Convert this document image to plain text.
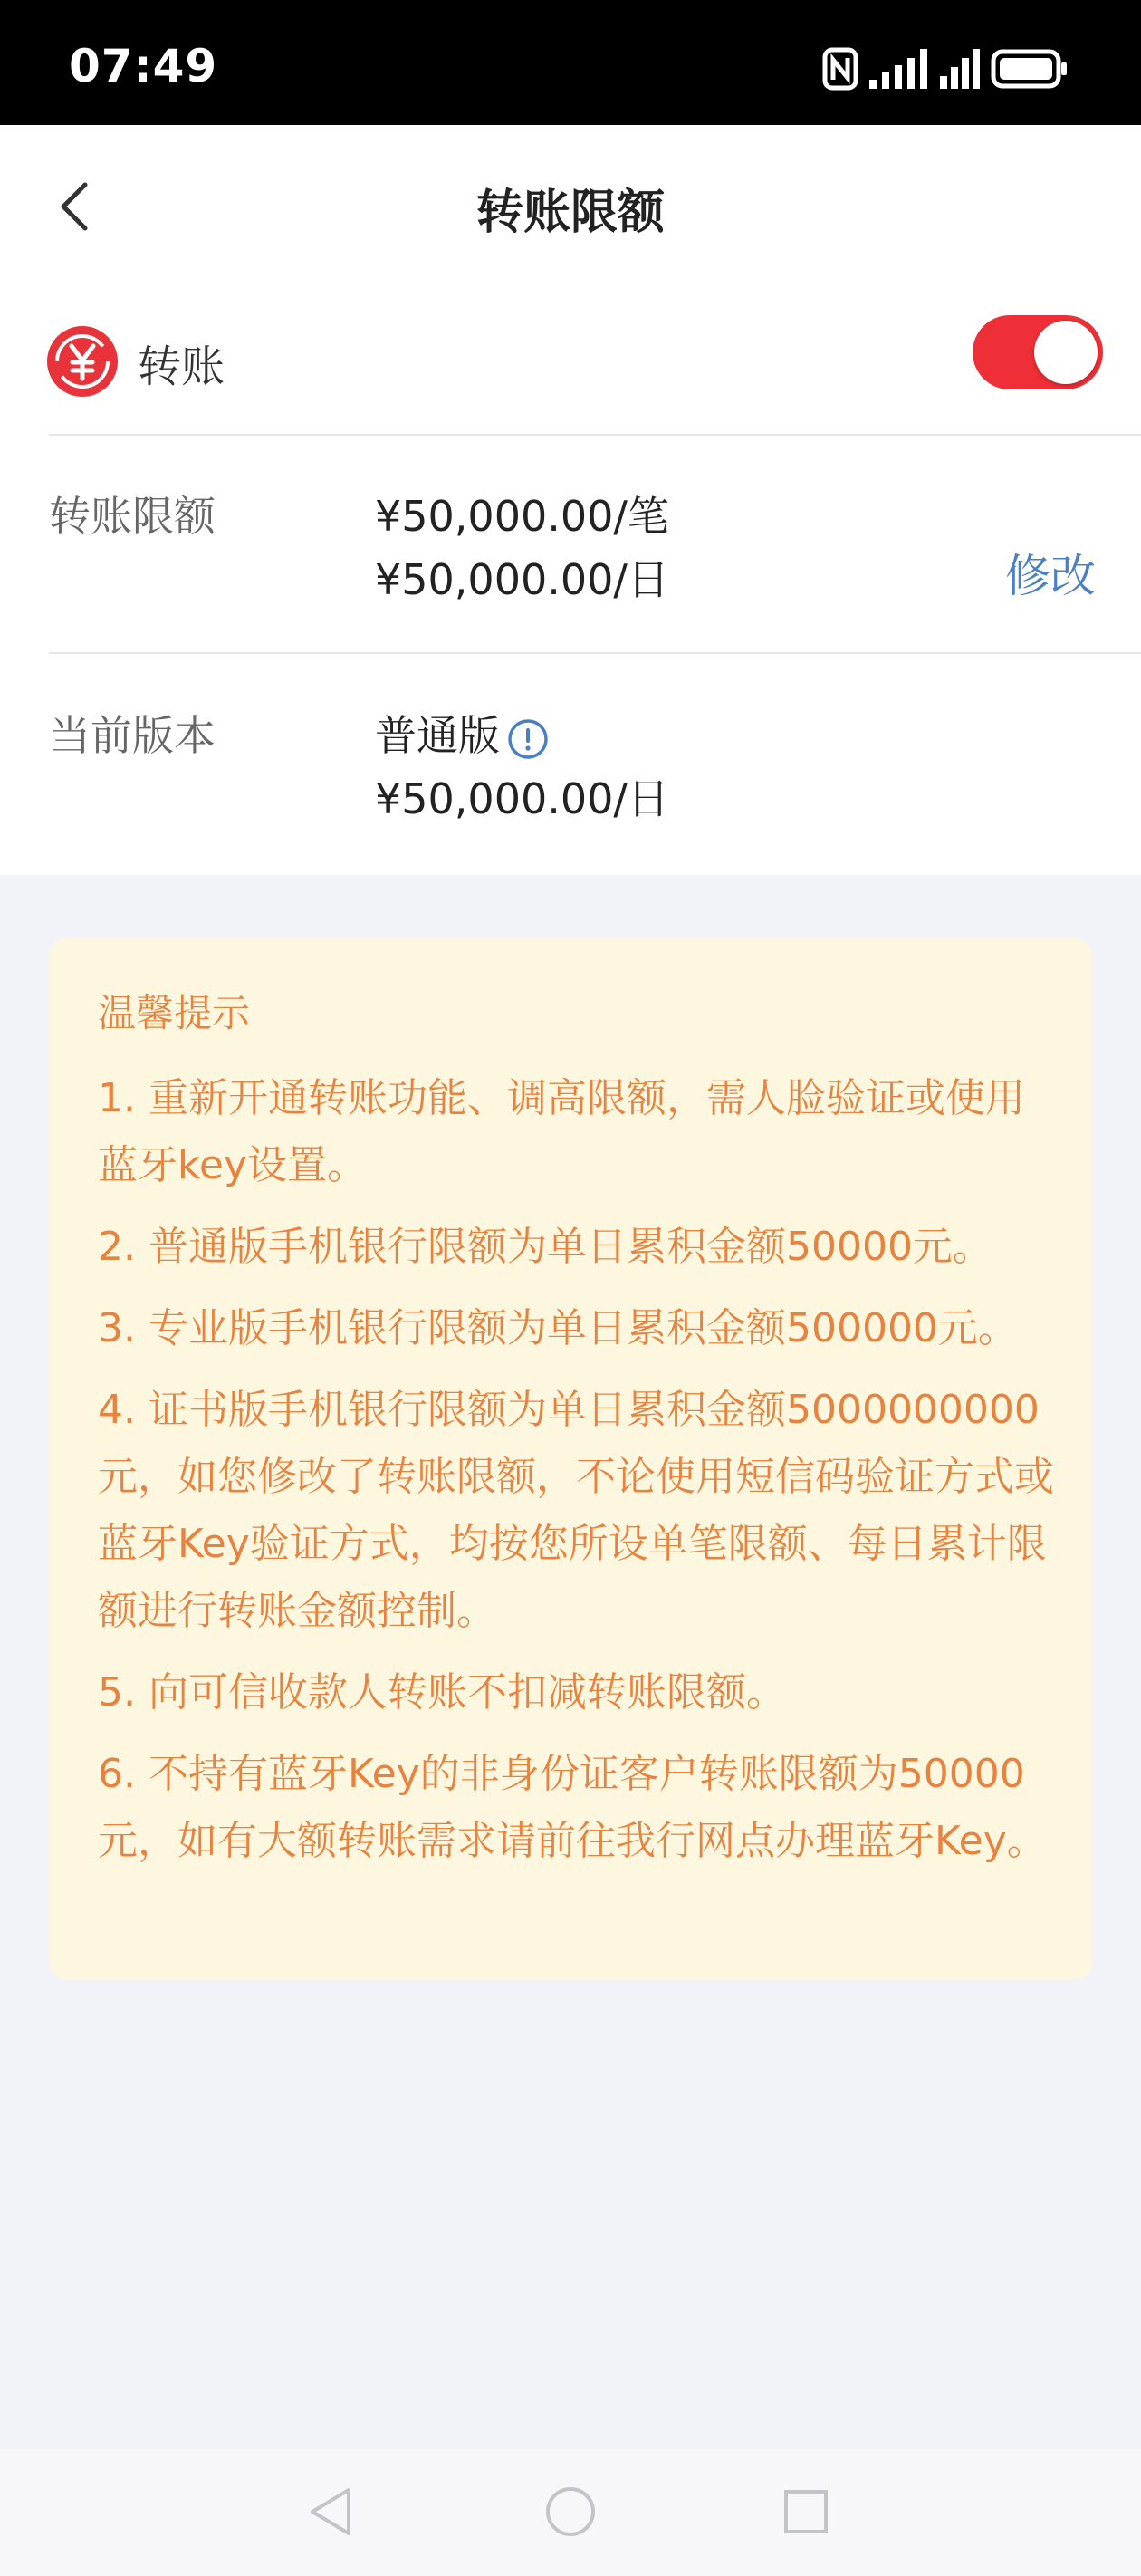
07:49
转账限额
转账
转账限额	¥50,000.00/笔
¥50,000.00/日	修改
当前版本	普通版
¥50,000.00/日
温馨提示
1. 重新开通转账功能、调高限额，需人脸验证或使用蓝牙key设置。
2. 普通版手机银行限额为单日累积金额50000元。
3. 专业版手机银行限额为单日累积金额500000元。
4. 证书版手机银行限额为单日累积金额5000000000元，如您修改了转账限额，不论使用短信码验证方式或蓝牙Key验证方式，均按您所设单笔限额、每日累计限额进行转账金额控制。
5. 向可信收款人转账不扣减转账限额。
6. 不持有蓝牙Key的非身份证客户转账限额为50000元，如有大额转账需求请前往我行网点办理蓝牙Key。
